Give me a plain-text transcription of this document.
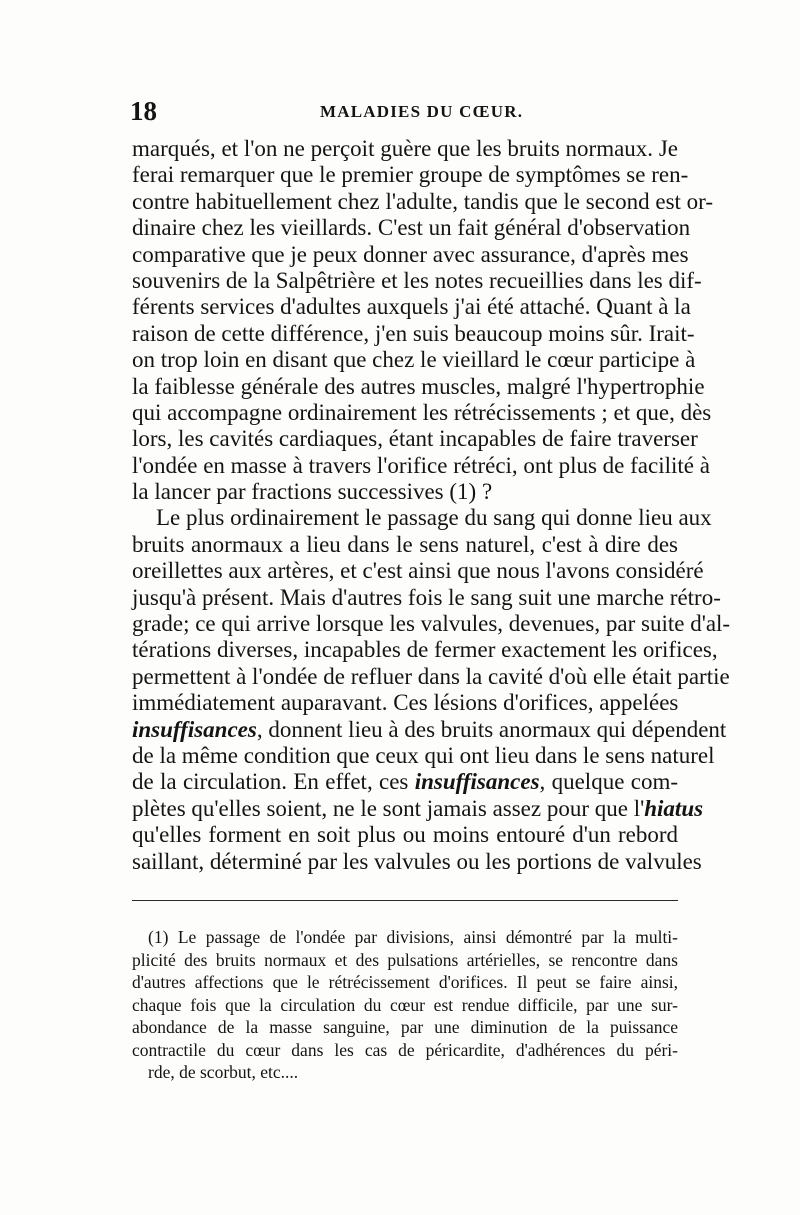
18	MALADIES DU CŒUR.
marqués, et l'on ne perçoit guère que les bruits normaux. Je
ferai remarquer que le premier groupe de symptômes se ren-
contre habituellement chez l'adulte, tandis que le second est or-
dinaire chez les vieillards. C'est un fait général d'observation
comparative que je peux donner avec assurance, d'après mes
souvenirs de la Salpêtrière et les notes recueillies dans les dif-
férents services d'adultes auxquels j'ai été attaché. Quant à la
raison de cette différence, j'en suis beaucoup moins sûr. Irait-
on trop loin en disant que chez le vieillard le cœur participe à
la faiblesse générale des autres muscles, malgré l'hypertrophie
qui accompagne ordinairement les rétrécissements ; et que, dès
lors, les cavités cardiaques, étant incapables de faire traverser
l'ondée en masse à travers l'orifice rétréci, ont plus de facilité à
la lancer par fractions successives (1) ?
Le plus ordinairement le passage du sang qui donne lieu aux
bruits anormaux a lieu dans le sens naturel, c'est à dire des
oreillettes aux artères, et c'est ainsi que nous l'avons considéré
jusqu'à présent. Mais d'autres fois le sang suit une marche rétro-
grade; ce qui arrive lorsque les valvules, devenues, par suite d'al-
térations diverses, incapables de fermer exactement les orifices,
permettent à l'ondée de refluer dans la cavité d'où elle était partie
immédiatement auparavant. Ces lésions d'orifices, appelées
insuffisances, donnent lieu à des bruits anormaux qui dépendent
de la même condition que ceux qui ont lieu dans le sens naturel
de la circulation. En effet, ces insuffisances, quelque com-
plètes qu'elles soient, ne le sont jamais assez pour que l'hiatus
qu'elles forment en soit plus ou moins entouré d'un rebord
saillant, déterminé par les valvules ou les portions de valvules
(1) Le passage de l'ondée par divisions, ainsi démontré par la multi-
plicité des bruits normaux et des pulsations artérielles, se rencontre dans
d'autres affections que le rétrécissement d'orifices. Il peut se faire ainsi,
chaque fois que la circulation du cœur est rendue difficile, par une sur-
abondance de la masse sanguine, par une diminution de la puissance
contractile du cœur dans les cas de péricardite, d'adhérences du péri-
rde, de scorbut, etc....
